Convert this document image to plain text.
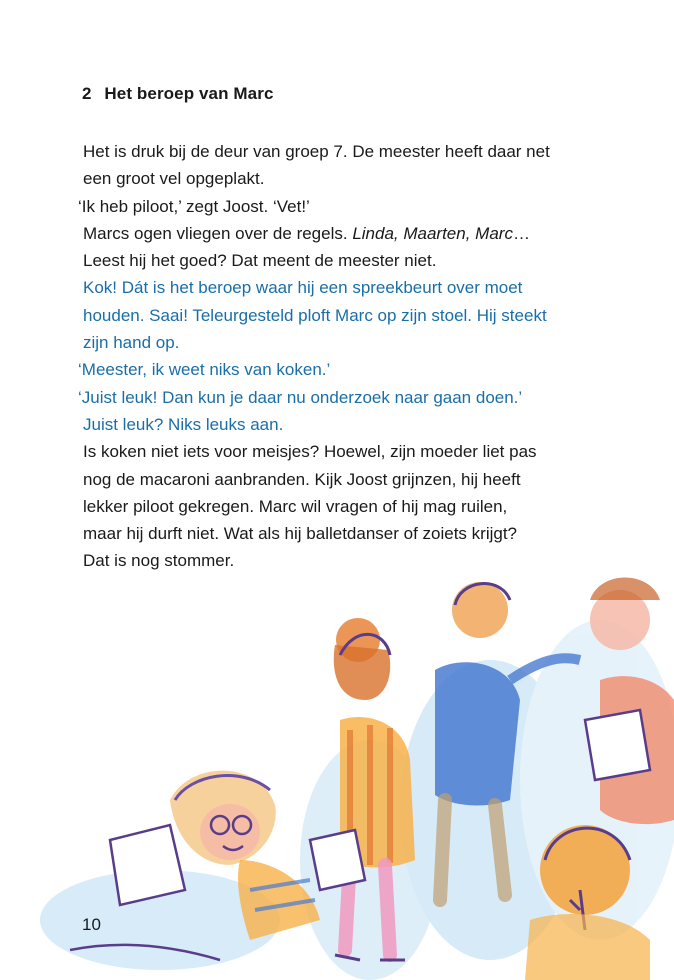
2 Het beroep van Marc
Het is druk bij de deur van groep 7. De meester heeft daar net
een groot vel opgeplakt.
‘Ik heb piloot,’ zegt Joost. ‘Vet!’
Marcs ogen vliegen over de regels. Linda, Maarten, Marc…
Leest hij het goed? Dat meent de meester niet.
Kok! Dát is het beroep waar hij een spreekbeurt over moet
houden. Saai! Teleurgesteld ploft Marc op zijn stoel. Hij steekt
zijn hand op.
‘Meester, ik weet niks van koken.’
‘Juist leuk! Dan kun je daar nu onderzoek naar gaan doen.’
Juist leuk? Niks leuks aan.
Is koken niet iets voor meisjes? Hoewel, zijn moeder liet pas
nog de macaroni aanbranden. Kijk Joost grijnzen, hij heeft
lekker piloot gekregen. Marc wil vragen of hij mag ruilen,
maar hij durft niet. Wat als hij balletdanser of zoiets krijgt?
Dat is nog stommer.
10
